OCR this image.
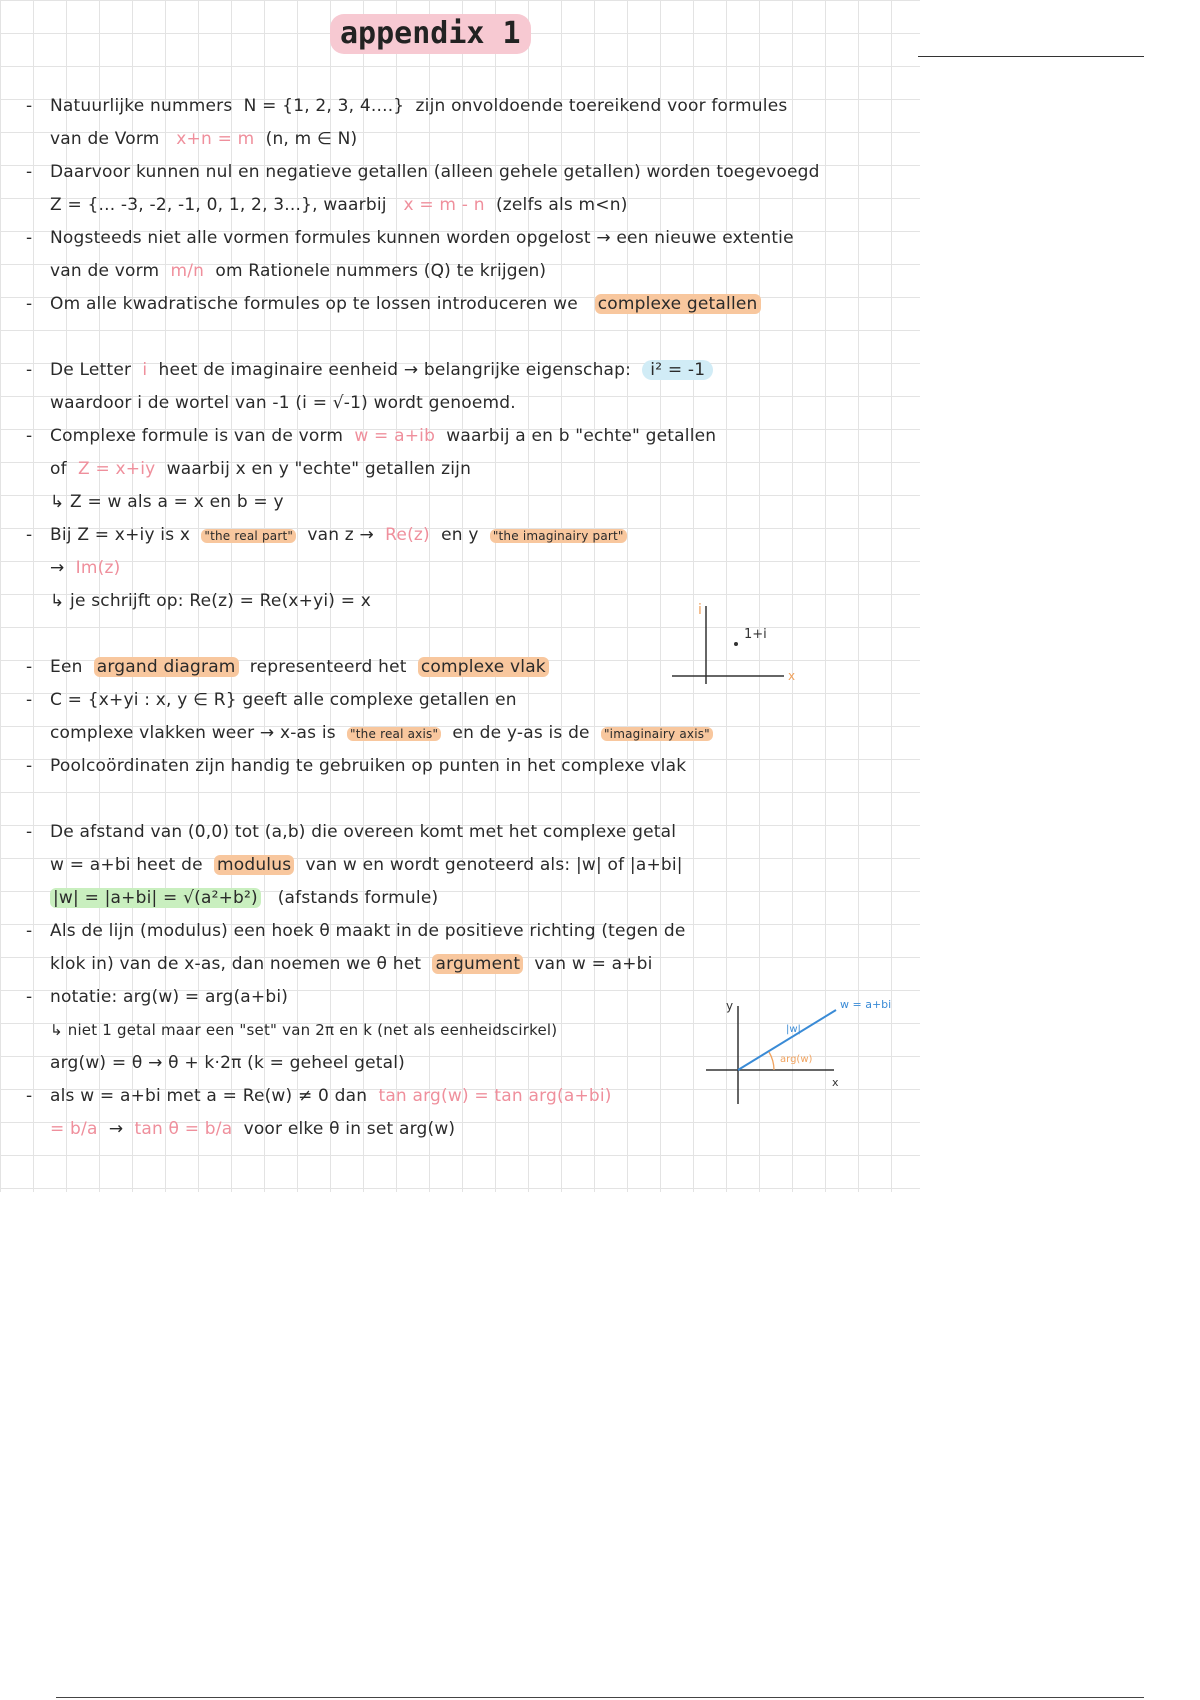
appendix 1
- Natuurlijke nummers N = {1, 2, 3, 4....} zijn onvoldoende toereikend voor formules
van de Vorm x+n = m (n, m ∈ N)
- Daarvoor kunnen nul en negatieve getallen (alleen gehele getallen) worden toegevoegd
Z = {... -3, -2, -1, 0, 1, 2, 3...}, waarbij x = m - n (zelfs als m<n)
- Nogsteeds niet alle vormen formules kunnen worden opgelost → een nieuwe extentie
van de vorm m/n om Rationele nummers (Q) te krijgen)
- Om alle kwadratische formules op te lossen introduceren we complexe getallen
- De Letter i heet de imaginaire eenheid → belangrijke eigenschap: i² = -1
waardoor i de wortel van -1 (i = √-1) wordt genoemd.
- Complexe formule is van de vorm w = a+ib waarbij a en b "echte" getallen
of Z = x+iy waarbij x en y "echte" getallen zijn
↳ Z = w als a = x en b = y
- Bij Z = x+iy is x "the real part" van z → Re(z) en y "the imaginairy part"
→ Im(z)
↳ je schrijft op: Re(z) = Re(x+yi) = x
- Een argand diagram representeerd het complexe vlak
- C = {x+yi : x, y ∈ R} geeft alle complexe getallen en
complexe vlakken weer → x-as is "the real axis" en de y-as is de "imaginairy axis"
- Poolcoördinaten zijn handig te gebruiken op punten in het complexe vlak
- De afstand van (0,0) tot (a,b) die overeen komt met het complexe getal
w = a+bi heet de modulus van w en wordt genoteerd als: |w| of |a+bi|
|w| = |a+bi| = √(a²+b²) (afstands formule)
- Als de lijn (modulus) een hoek θ maakt in de positieve richting (tegen de
klok in) van de x-as, dan noemen we θ het argument van w = a+bi
- notatie: arg(w) = arg(a+bi)
↳ niet 1 getal maar een "set" van 2π en k (net als eenheidscirkel)
arg(w) = θ → θ + k·2π (k = geheel getal)
- als w = a+bi met a = Re(w) ≠ 0 dan tan arg(w) = tan arg(a+bi)
= b/a → tan θ = b/a voor elke θ in set arg(w)
i
x
1+i
y
x
w = a+bi
|w|
arg(w)
